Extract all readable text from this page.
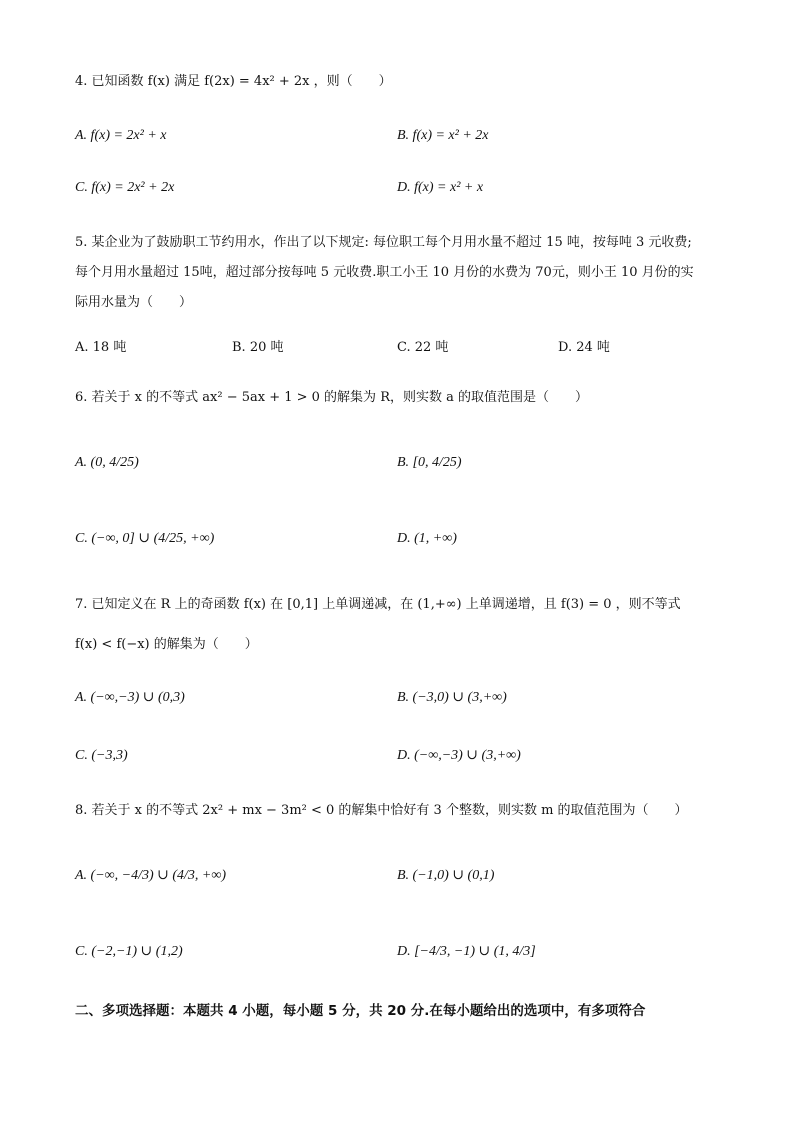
4. 已知函数 f(x) 满足 f(2x) = 4x² + 2x ，则（　　）
A. f(x) = 2x² + x	B. f(x) = x² + 2x
C. f(x) = 2x² + 2x	D. f(x) = x² + x
5. 某企业为了鼓励职工节约用水，作出了以下规定: 每位职工每个月用水量不超过 15 吨，按每吨 3 元收费;
每个月用水量超过 15吨，超过部分按每吨 5 元收费.职工小王 10 月份的水费为 70元，则小王 10 月份的实
际用水量为（　　）
A. 18 吨	B. 20 吨	C. 22 吨	D. 24 吨
6. 若关于 x 的不等式 ax² − 5ax + 1 > 0 的解集为 R，则实数 a 的取值范围是（　　）
A. (0, 4/25)	B. [0, 4/25)
C. (−∞, 0] ∪ (4/25, +∞)	D. (1, +∞)
7. 已知定义在 R 上的奇函数 f(x) 在 [0,1] 上单调递减，在 (1,+∞) 上单调递增，且 f(3) = 0 ，则不等式
f(x) < f(−x) 的解集为（　　）
A. (−∞,−3) ∪ (0,3)	B. (−3,0) ∪ (3,+∞)
C. (−3,3)	D. (−∞,−3) ∪ (3,+∞)
8. 若关于 x 的不等式 2x² + mx − 3m² < 0 的解集中恰好有 3 个整数，则实数 m 的取值范围为（　　）
A. (−∞, −4/3) ∪ (4/3, +∞)	B. (−1,0) ∪ (0,1)
C. (−2,−1) ∪ (1,2)	D. [−4/3, −1) ∪ (1, 4/3]
二、多项选择题：本题共 4 小题，每小题 5 分，共 20 分.在每小题给出的选项中，有多项符合
